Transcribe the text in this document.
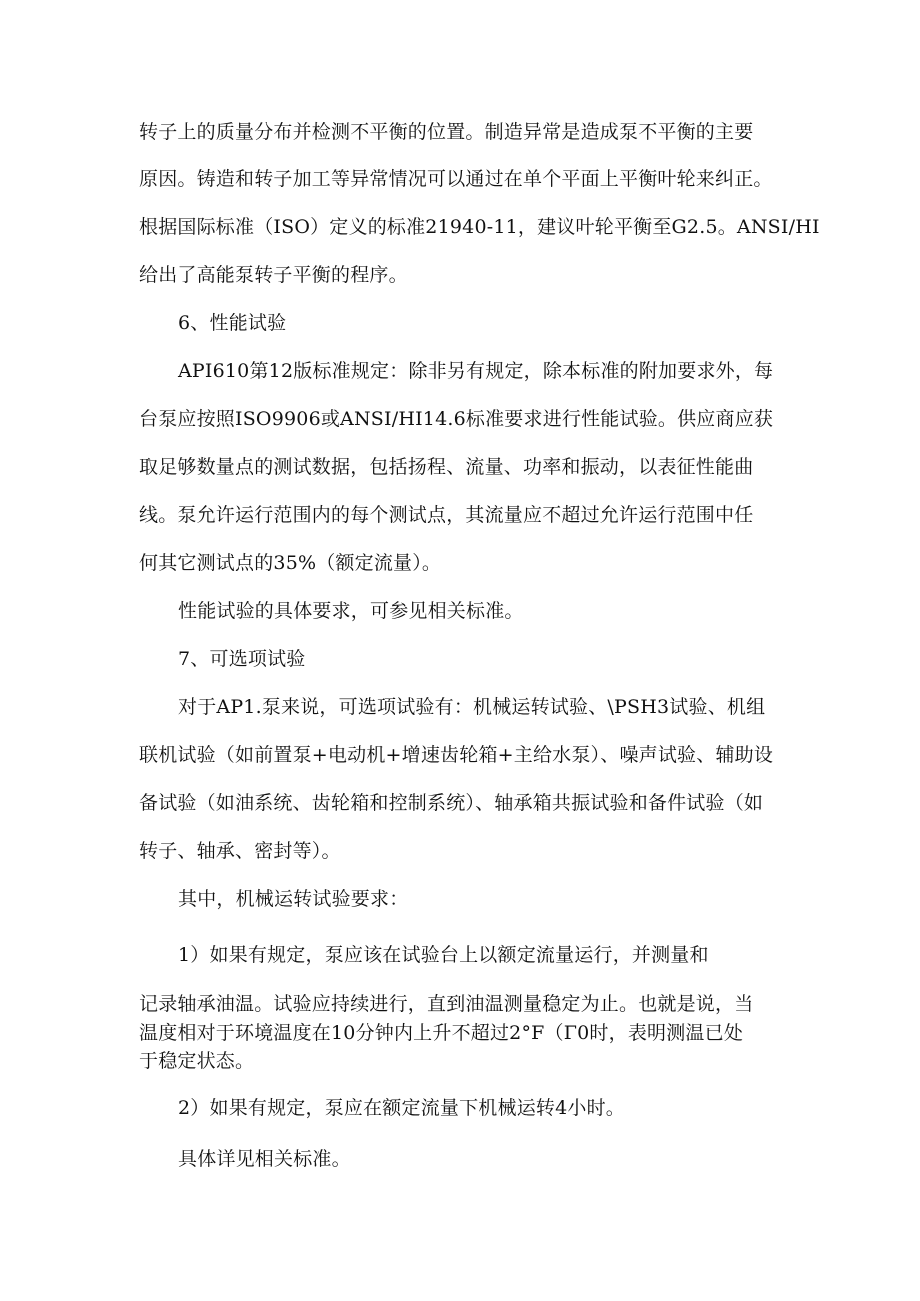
转子上的质量分布并检测不平衡的位置。制造异常是造成泵不平衡的主要
原因。铸造和转子加工等异常情况可以通过在单个平面上平衡叶轮来纠正。
根据国际标准（ISO）定义的标准21940-11，建议叶轮平衡至G2.5。ANSI/HI
给出了高能泵转子平衡的程序。
6、性能试验
API610第12版标准规定：除非另有规定，除本标准的附加要求外，每
台泵应按照ISO9906或ANSI/HI14.6标准要求进行性能试验。供应商应获
取足够数量点的测试数据，包括扬程、流量、功率和振动，以表征性能曲
线。泵允许运行范围内的每个测试点，其流量应不超过允许运行范围中任
何其它测试点的35%（额定流量）。
性能试验的具体要求，可参见相关标准。
7、可选项试验
对于AP1.泵来说，可选项试验有：机械运转试验、\PSH3试验、机组
联机试验（如前置泵+电动机+增速齿轮箱+主给水泵）、噪声试验、辅助设
备试验（如油系统、齿轮箱和控制系统）、轴承箱共振试验和备件试验（如
转子、轴承、密封等）。
其中，机械运转试验要求：
1）如果有规定，泵应该在试验台上以额定流量运行，并测量和
记录轴承油温。试验应持续进行，直到油温测量稳定为止。也就是说，当
温度相对于环境温度在10分钟内上升不超过2°F（Γ0时，表明测温已处
于稳定状态。
2）如果有规定，泵应在额定流量下机械运转4小时。
具体详见相关标准。
